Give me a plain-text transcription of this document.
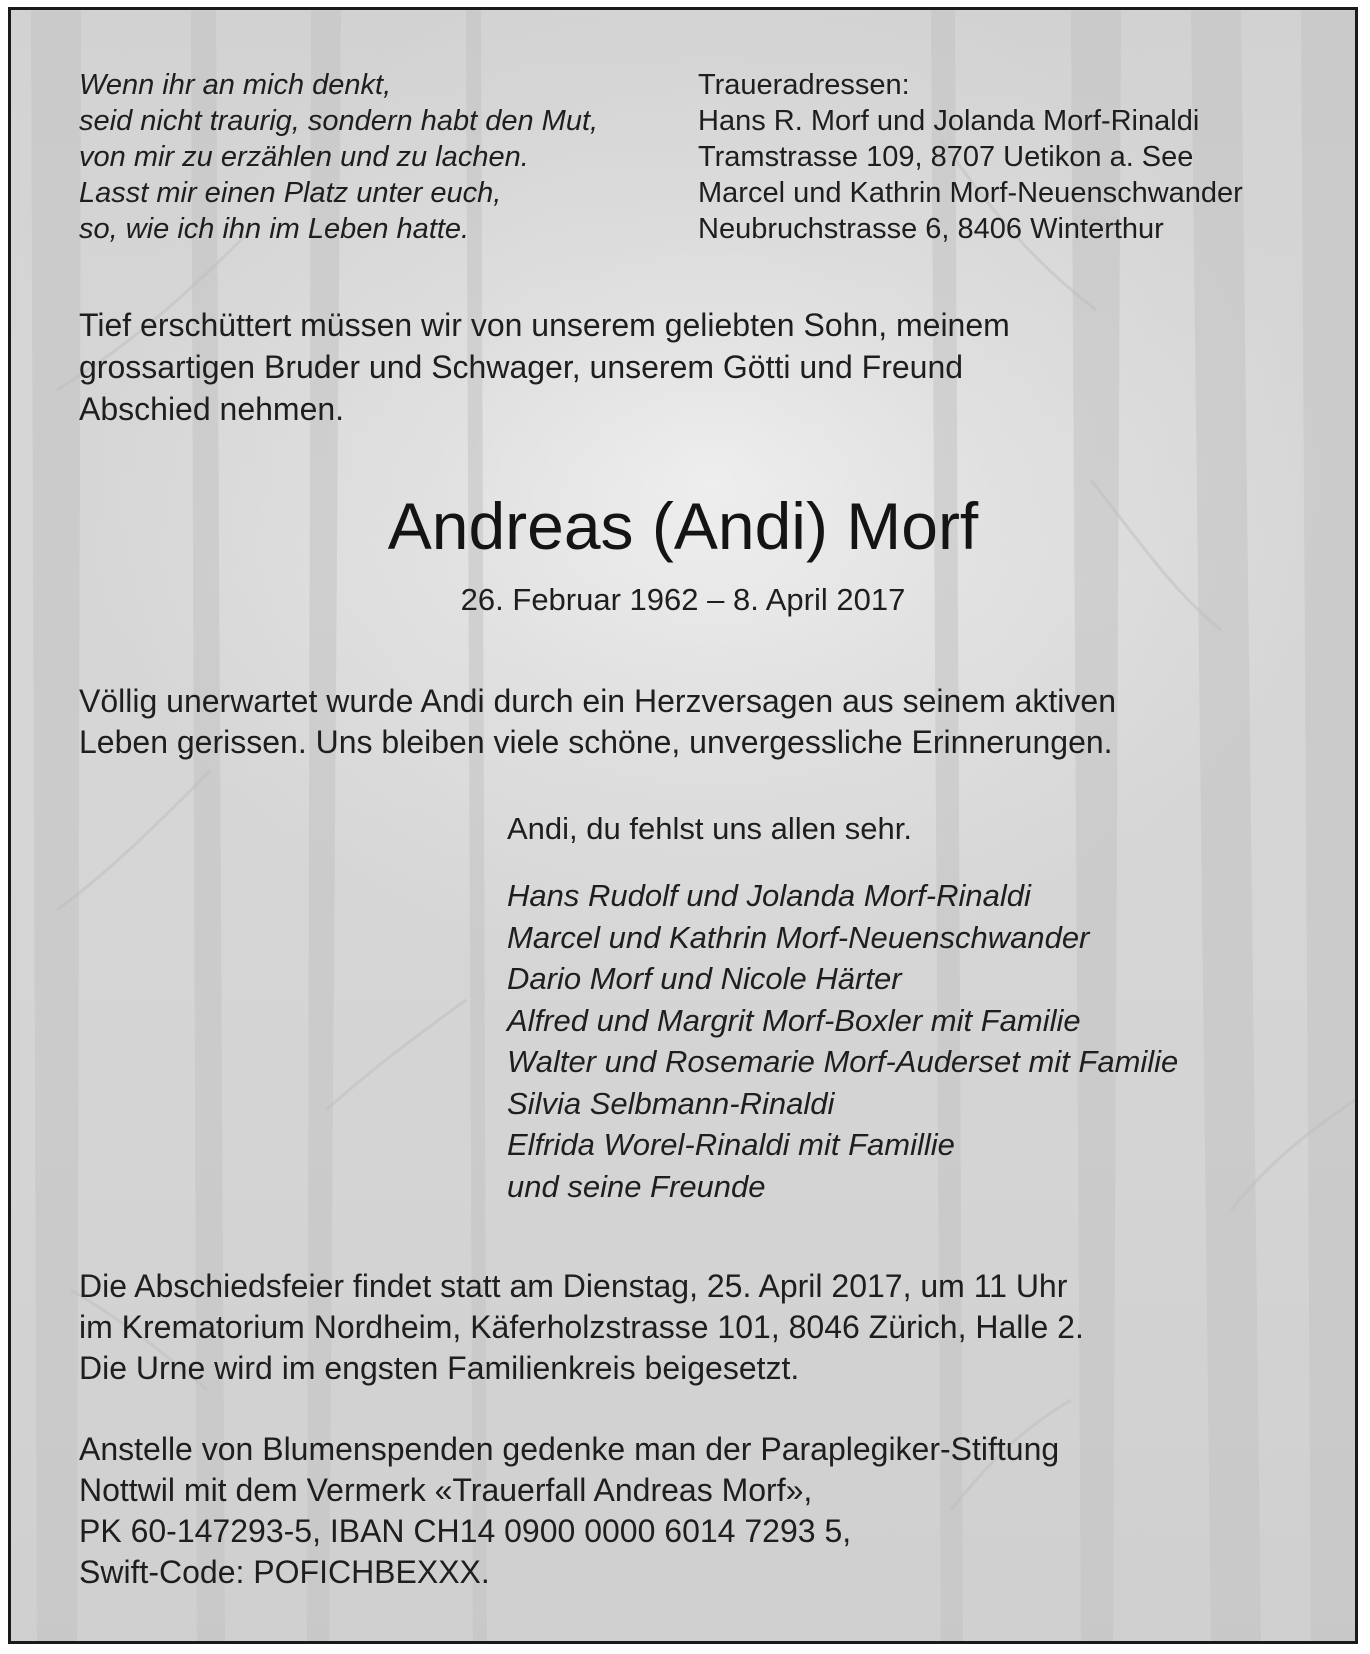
Wenn ihr an mich denkt,
seid nicht traurig, sondern habt den Mut,
von mir zu erzählen und zu lachen.
Lasst mir einen Platz unter euch,
so, wie ich ihn im Leben hatte.

Traueradressen:
Hans R. Morf und Jolanda Morf-Rinaldi
Tramstrasse 109, 8707 Uetikon a. See
Marcel und Kathrin Morf-Neuenschwander
Neubruchstrasse 6, 8406 Winterthur

Tief erschüttert müssen wir von unserem geliebten Sohn, meinem
grossartigen Bruder und Schwager, unserem Götti und Freund
Abschied nehmen.

Andreas (Andi) Morf

26. Februar 1962 – 8. April 2017

Völlig unerwartet wurde Andi durch ein Herzversagen aus seinem aktiven
Leben gerissen. Uns bleiben viele schöne, unvergessliche Erinnerungen.

Andi, du fehlst uns allen sehr.

Hans Rudolf und Jolanda Morf-Rinaldi
Marcel und Kathrin Morf-Neuenschwander
Dario Morf und Nicole Härter
Alfred und Margrit Morf-Boxler mit Familie
Walter und Rosemarie Morf-Auderset mit Familie
Silvia Selbmann-Rinaldi
Elfrida Worel-Rinaldi mit Famillie
und seine Freunde

Die Abschiedsfeier findet statt am Dienstag, 25. April 2017, um 11 Uhr
im Krematorium Nordheim, Käferholzstrasse 101, 8046 Zürich, Halle 2.
Die Urne wird im engsten Familienkreis beigesetzt.

Anstelle von Blumenspenden gedenke man der Paraplegiker-Stiftung
Nottwil mit dem Vermerk «Trauerfall Andreas Morf»,
PK 60-147293-5, IBAN CH14 0900 0000 6014 7293 5,
Swift-Code: POFICHBEXXX.
